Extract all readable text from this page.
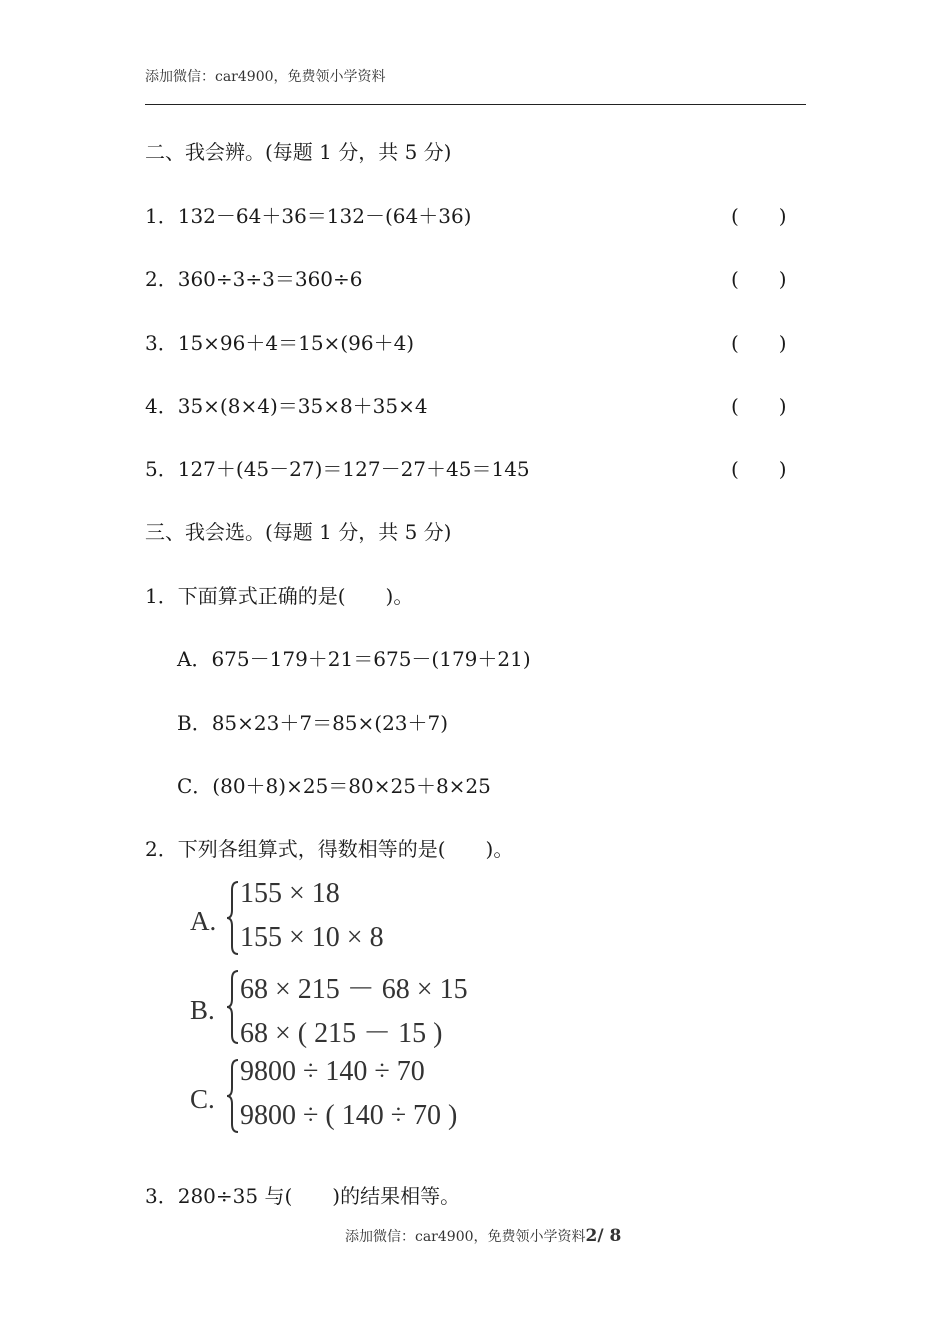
添加微信：car4900，免费领小学资料
二、我会辨。(每题 1 分，共 5 分)
1．132－64＋36＝132－(64＋36)	(　　)
2．360÷3÷3＝360÷6	(　　)
3．15×96＋4＝15×(96＋4)	(　　)
4．35×(8×4)＝35×8＋35×4	(　　)
5．127＋(45－27)＝127－27＋45＝145	(　　)
三、我会选。(每题 1 分，共 5 分)
1．下面算式正确的是(　　)。
A．675－179＋21＝675－(179＋21)
B．85×23＋7＝85×(23＋7)
C．(80＋8)×25＝80×25＋8×25
2．下列各组算式，得数相等的是(　　)。
A.
155 × 18
155 × 10 × 8
B.
68 × 215 － 68 × 15
68 × ( 215 － 15 )
C.
9800 ÷ 140 ÷ 70
9800 ÷ ( 140 ÷ 70 )
3．280÷35 与(　　)的结果相等。
添加微信：car4900，免费领小学资料2/ 8
